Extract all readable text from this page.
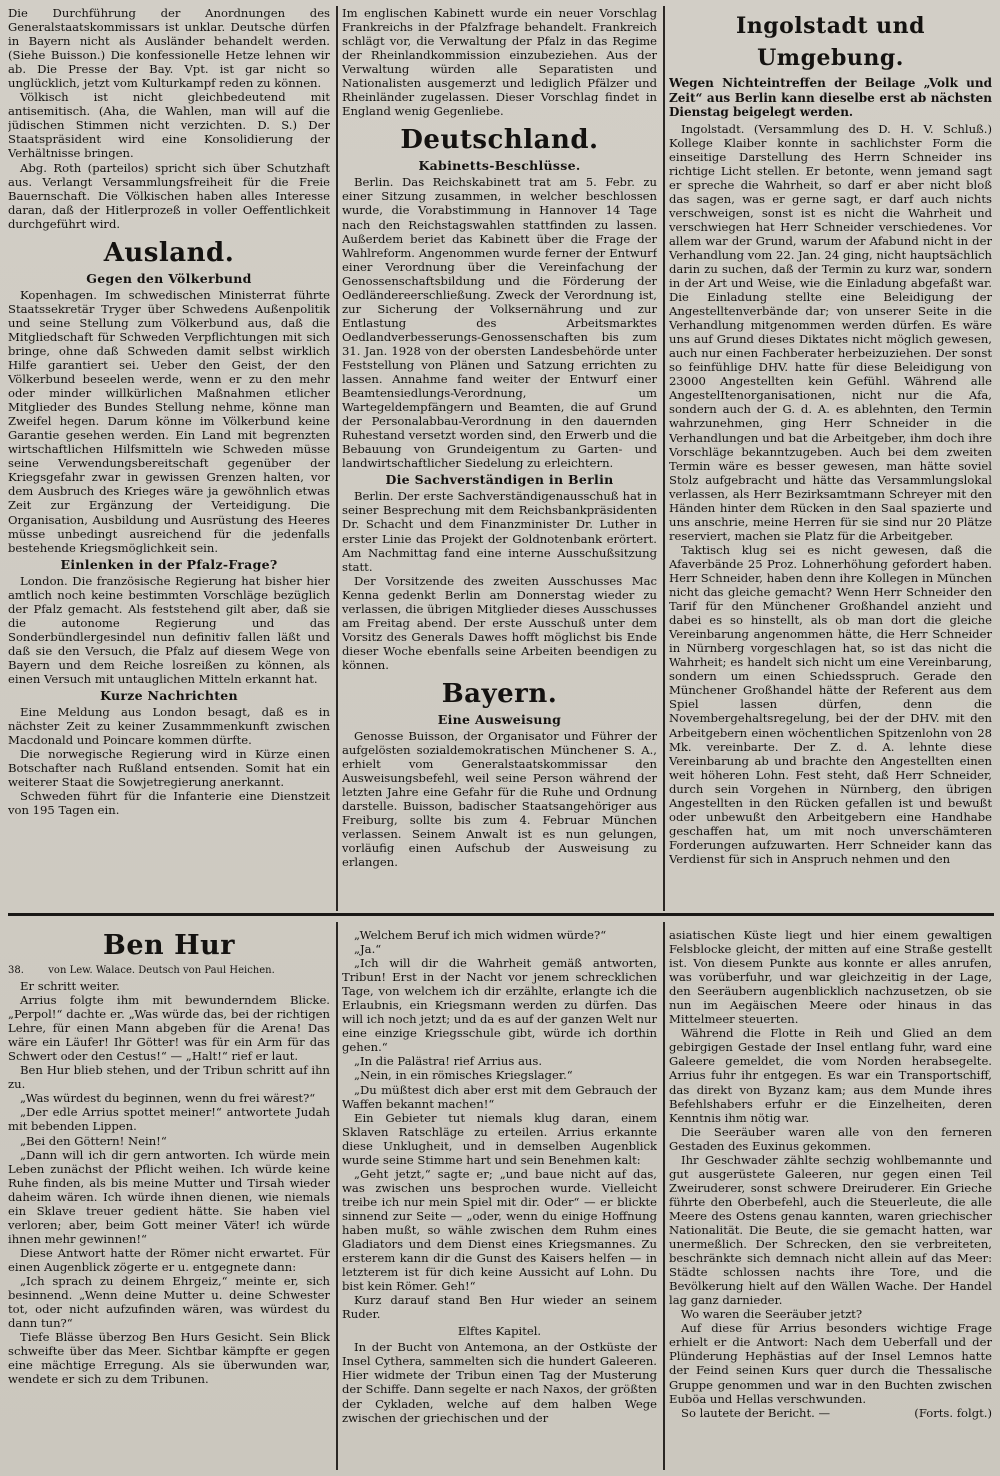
Die Durchführung der Anordnungen des Generalstaatskommissars ist unklar. Deutsche dürfen in Bayern nicht als Ausländer behandelt werden. (Siehe Buisson.) Die konfessionelle Hetze lehnen wir ab. Die Presse der Bay. Vpt. ist gar nicht so unglücklich, jetzt vom Kulturkampf reden zu können.

Völkisch ist nicht gleichbedeutend mit antisemitisch. (Aha, die Wahlen, man will auf die jüdischen Stimmen nicht verzichten. D. S.) Der Staatspräsident wird eine Konsolidierung der Verhältnisse bringen.

Abg. Roth (parteilos) spricht sich über Schutzhaft aus. Verlangt Versammlungsfreiheit für die Freie Bauernschaft. Die Völkischen haben alles Interesse daran, daß der Hitlerprozeß in voller Oeffentlichkeit durchgeführt wird.

Ausland.
Gegen den Völkerbund

Kopenhagen. Im schwedischen Ministerrat führte Staatssekretär Tryger über Schwedens Außenpolitik und seine Stellung zum Völkerbund aus, daß die Mitgliedschaft für Schweden Verpflichtungen mit sich bringe, ohne daß Schweden damit selbst wirklich Hilfe garantiert sei. Ueber den Geist, der den Völkerbund beseelen werde, wenn er zu den mehr oder minder willkürlichen Maßnahmen etlicher Mitglieder des Bundes Stellung nehme, könne man Zweifel hegen. Darum könne im Völkerbund keine Garantie gesehen werden. Ein Land mit begrenzten wirtschaftlichen Hilfsmitteln wie Schweden müsse seine Verwendungsbereitschaft gegenüber der Kriegsgefahr zwar in gewissen Grenzen halten, vor dem Ausbruch des Krieges wäre ja gewöhnlich etwas Zeit zur Ergänzung der Verteidigung. Die Organisation, Ausbildung und Ausrüstung des Heeres müsse unbedingt ausreichend für die jedenfalls bestehende Kriegsmöglichkeit sein.

Einlenken in der Pfalz-Frage?

London. Die französische Regierung hat bisher hier amtlich noch keine bestimmten Vorschläge bezüglich der Pfalz gemacht. Als feststehend gilt aber, daß sie die autonome Regierung und das Sonderbündlergesindel nun definitiv fallen läßt und daß sie den Versuch, die Pfalz auf diesem Wege von Bayern und dem Reiche losreißen zu können, als einen Versuch mit untauglichen Mitteln erkannt hat.

Kurze Nachrichten

Eine Meldung aus London besagt, daß es in nächster Zeit zu keiner Zusammmenkunft zwischen Macdonald und Poincare kommen dürfte.

Die norwegische Regierung wird in Kürze einen Botschafter nach Rußland entsenden. Somit hat ein weiterer Staat die Sowjetregierung anerkannt.

Schweden führt für die Infanterie eine Dienstzeit von 195 Tagen ein.

Im englischen Kabinett wurde ein neuer Vorschlag Frankreichs in der Pfalzfrage behandelt. Frankreich schlägt vor, die Verwaltung der Pfalz in das Regime der Rheinlandkommission einzubeziehen. Aus der Verwaltung würden alle Separatisten und Nationalisten ausgemerzt und lediglich Pfälzer und Rheinländer zugelassen. Dieser Vorschlag findet in England wenig Gegenliebe.

Deutschland.
Kabinetts-Beschlüsse.

Berlin. Das Reichskabinett trat am 5. Febr. zu einer Sitzung zusammen, in welcher beschlossen wurde, die Vorabstimmung in Hannover 14 Tage nach den Reichstagswahlen stattfinden zu lassen. Außerdem beriet das Kabinett über die Frage der Wahlreform. Angenommen wurde ferner der Entwurf einer Verordnung über die Vereinfachung der Genossenschaftsbildung und die Förderung der Oedländereerschließung. Zweck der Verordnung ist, zur Sicherung der Volksernährung und zur Entlastung des Arbeitsmarktes Oedlandverbesserungs-Genossenschaften bis zum 31. Jan. 1928 von der obersten Landesbehörde unter Feststellung von Plänen und Satzung errichten zu lassen. Annahme fand weiter der Entwurf einer Beamtensiedlungs-Verordnung, um Wartegeldempfängern und Beamten, die auf Grund der Personalabbau-Verordnung in den dauernden Ruhestand versetzt worden sind, den Erwerb und die Bebauung von Grundeigentum zu Garten- und landwirtschaftlicher Siedelung zu erleichtern.

Die Sachverständigen in Berlin

Berlin. Der erste Sachverständigenausschuß hat in seiner Besprechung mit dem Reichsbankpräsidenten Dr. Schacht und dem Finanzminister Dr. Luther in erster Linie das Projekt der Goldnotenbank erörtert. Am Nachmittag fand eine interne Ausschußsitzung statt.

Der Vorsitzende des zweiten Ausschusses Mac Kenna gedenkt Berlin am Donnerstag wieder zu verlassen, die übrigen Mitglieder dieses Ausschusses am Freitag abend. Der erste Ausschuß unter dem Vorsitz des Generals Dawes hofft möglichst bis Ende dieser Woche ebenfalls seine Arbeiten beendigen zu können.

Bayern.
Eine Ausweisung

Genosse Buisson, der Organisator und Führer der aufgelösten sozialdemokratischen Münchener S. A., erhielt vom Generalstaatskommissar den Ausweisungsbefehl, weil seine Person während der letzten Jahre eine Gefahr für die Ruhe und Ordnung darstelle. Buisson, badischer Staatsangehöriger aus Freiburg, sollte bis zum 4. Februar München verlassen. Seinem Anwalt ist es nun gelungen, vorläufig einen Aufschub der Ausweisung zu erlangen.

Ingolstadt und Umgebung.
Wegen Nichteintreffen der Beilage „Volk und Zeit“ aus Berlin kann dieselbe erst ab nächsten Dienstag beigelegt werden.

Ingolstadt. (Versammlung des D. H. V. Schluß.) Kollege Klaiber konnte in sachlichster Form die einseitige Darstellung des Herrn Schneider ins richtige Licht stellen. Er betonte, wenn jemand sagt er spreche die Wahrheit, so darf er aber nicht bloß das sagen, was er gerne sagt, er darf auch nichts verschweigen, sonst ist es nicht die Wahrheit und verschwiegen hat Herr Schneider verschiedenes. Vor allem war der Grund, warum der Afabund nicht in der Verhandlung vom 22. Jan. 24 ging, nicht hauptsächlich darin zu suchen, daß der Termin zu kurz war, sondern in der Art und Weise, wie die Einladung abgefaßt war. Die Einladung stellte eine Beleidigung der Angestelltenverbände dar; von unserer Seite in die Verhandlung mitgenommen werden dürfen. Es wäre uns auf Grund dieses Diktates nicht möglich gewesen, auch nur einen Fachberater herbeizuziehen. Der sonst so feinfühlige DHV. hatte für diese Beleidigung von 23000 Angestellten kein Gefühl. Während alle AngestelItenorganisationen, nicht nur die Afa, sondern auch der G. d. A. es ablehnten, den Termin wahrzunehmen, ging Herr Schneider in die Verhandlungen und bat die Arbeitgeber, ihm doch ihre Vorschläge bekanntzugeben. Auch bei dem zweiten Termin wäre es besser gewesen, man hätte soviel Stolz aufgebracht und hätte das Versammlungslokal verlassen, als Herr Bezirksamtmann Schreyer mit den Händen hinter dem Rücken in den Saal spazierte und uns anschrie, meine Herren für sie sind nur 20 Plätze reserviert, machen sie Platz für die Arbeitgeber.

Taktisch klug sei es nicht gewesen, daß die Afaverbände 25 Proz. Lohnerhöhung gefordert haben. Herr Schneider, haben denn ihre Kollegen in München nicht das gleiche gemacht? Wenn Herr Schneider den Tarif für den Münchener Großhandel anzieht und dabei es so hinstellt, als ob man dort die gleiche Vereinbarung angenommen hätte, die Herr Schneider in Nürnberg vorgeschlagen hat, so ist das nicht die Wahrheit; es handelt sich nicht um eine Vereinbarung, sondern um einen Schiedsspruch. Gerade den Münchener Großhandel hätte der Referent aus dem Spiel lassen dürfen, denn die Novembergehaltsregelung, bei der der DHV. mit den Arbeitgebern einen wöchentlichen Spitzenlohn von 28 Mk. vereinbarte. Der Z. d. A. lehnte diese Vereinbarung ab und brachte den Angestellten einen weit höheren Lohn. Fest steht, daß Herr Schneider, durch sein Vorgehen in Nürnberg, den übrigen Angestellten in den Rücken gefallen ist und bewußt oder unbewußt den Arbeitgebern eine Handhabe geschaffen hat, um mit noch unverschämteren Forderungen aufzuwarten. Herr Schneider kann das Verdienst für sich in Anspruch nehmen und den

Ben Hur
38. von Lew. Walace. Deutsch von Paul Heichen.

Er schritt weiter.

Arrius folgte ihm mit bewunderndem Blicke. „Perpol!“ dachte er. „Was würde das, bei der richtigen Lehre, für einen Mann abgeben für die Arena! Das wäre ein Läufer! Ihr Götter! was für ein Arm für das Schwert oder den Cestus!“ — „Halt!“ rief er laut.

Ben Hur blieb stehen, und der Tribun schritt auf ihn zu.

„Was würdest du beginnen, wenn du frei wärest?“

„Der edle Arrius spottet meiner!“ antwortete Judah mit bebenden Lippen.

„Bei den Göttern! Nein!“

„Dann will ich dir gern antworten. Ich würde mein Leben zunächst der Pflicht weihen. Ich würde keine Ruhe finden, als bis meine Mutter und Tirsah wieder daheim wären. Ich würde ihnen dienen, wie niemals ein Sklave treuer gedient hätte. Sie haben viel verloren; aber, beim Gott meiner Väter! ich würde ihnen mehr gewinnen!“

Diese Antwort hatte der Römer nicht erwartet. Für einen Augenblick zögerte er u. entgegnete dann:

„Ich sprach zu deinem Ehrgeiz,“ meinte er, sich besinnend. „Wenn deine Mutter u. deine Schwester tot, oder nicht aufzufinden wären, was würdest du dann tun?“

Tiefe Blässe überzog Ben Hurs Gesicht. Sein Blick schweifte über das Meer. Sichtbar kämpfte er gegen eine mächtige Erregung. Als sie überwunden war, wendete er sich zu dem Tribunen.

„Welchem Beruf ich mich widmen würde?“

„Ja.“

„Ich will dir die Wahrheit gemäß antworten, Tribun! Erst in der Nacht vor jenem schrecklichen Tage, von welchem ich dir erzählte, erlangte ich die Erlaubnis, ein Kriegsmann werden zu dürfen. Das will ich noch jetzt; und da es auf der ganzen Welt nur eine einzige Kriegsschule gibt, würde ich dorthin gehen.“

„In die Palästra! rief Arrius aus.

„Nein, in ein römisches Kriegslager.“

„Du müßtest dich aber erst mit dem Gebrauch der Waffen bekannt machen!“

Ein Gebieter tut niemals klug daran, einem Sklaven Ratschläge zu erteilen. Arrius erkannte diese Unklugheit, und in demselben Augenblick wurde seine Stimme hart und sein Benehmen kalt:

„Geht jetzt,“ sagte er; „und baue nicht auf das, was zwischen uns besprochen wurde. Vielleicht treibe ich nur mein Spiel mit dir. Oder“ — er blickte sinnend zur Seite — „oder, wenn du einige Hoffnung haben mußt, so wähle zwischen dem Ruhm eines Gladiators und dem Dienst eines Kriegsmannes. Zu ersterem kann dir die Gunst des Kaisers helfen — in letzterem ist für dich keine Aussicht auf Lohn. Du bist kein Römer. Geh!“

Kurz darauf stand Ben Hur wieder an seinem Ruder.

Elftes Kapitel.

In der Bucht von Antemona, an der Ostküste der Insel Cythera, sammelten sich die hundert Galeeren. Hier widmete der Tribun einen Tag der Musterung der Schiffe. Dann segelte er nach Naxos, der größten der Cykladen, welche auf dem halben Wege zwischen der griechischen und der

asiatischen Küste liegt und hier einem gewaltigen Felsblocke gleicht, der mitten auf eine Straße gestellt ist. Von diesem Punkte aus konnte er alles anrufen, was vorüberfuhr, und war gleichzeitig in der Lage, den Seeräubern augenblicklich nachzusetzen, ob sie nun im Aegäischen Meere oder hinaus in das Mittelmeer steuerten.

Während die Flotte in Reih und Glied an dem gebirgigen Gestade der Insel entlang fuhr, ward eine Galeere gemeldet, die vom Norden herabsegelte. Arrius fuhr ihr entgegen. Es war ein Transportschiff, das direkt von Byzanz kam; aus dem Munde ihres Befehlshabers erfuhr er die Einzelheiten, deren Kenntnis ihm nötig war.

Die Seeräuber waren alle von den ferneren Gestaden des Euxinus gekommen.

Ihr Geschwader zählte sechzig wohlbemannte und gut ausgerüstete Galeeren, nur gegen einen Teil Zweiruderer, sonst schwere Dreiruderer. Ein Grieche führte den Oberbefehl, auch die Steuerleute, die alle Meere des Ostens genau kannten, waren griechischer Nationalität. Die Beute, die sie gemacht hatten, war unermeßlich. Der Schrecken, den sie verbreiteten, beschränkte sich demnach nicht allein auf das Meer: Städte schlossen nachts ihre Tore, und die Bevölkerung hielt auf den Wällen Wache. Der Handel lag ganz darnieder.

Wo waren die Seeräuber jetzt?

Auf diese für Arrius besonders wichtige Frage erhielt er die Antwort: Nach dem Ueberfall und der Plünderung Hephästias auf der Insel Lemnos hatte der Feind seinen Kurs quer durch die Thessalische Gruppe genommen und war in den Buchten zwischen Euböa und Hellas verschwunden.

So lautete der Bericht. —	(Forts. folgt.)
